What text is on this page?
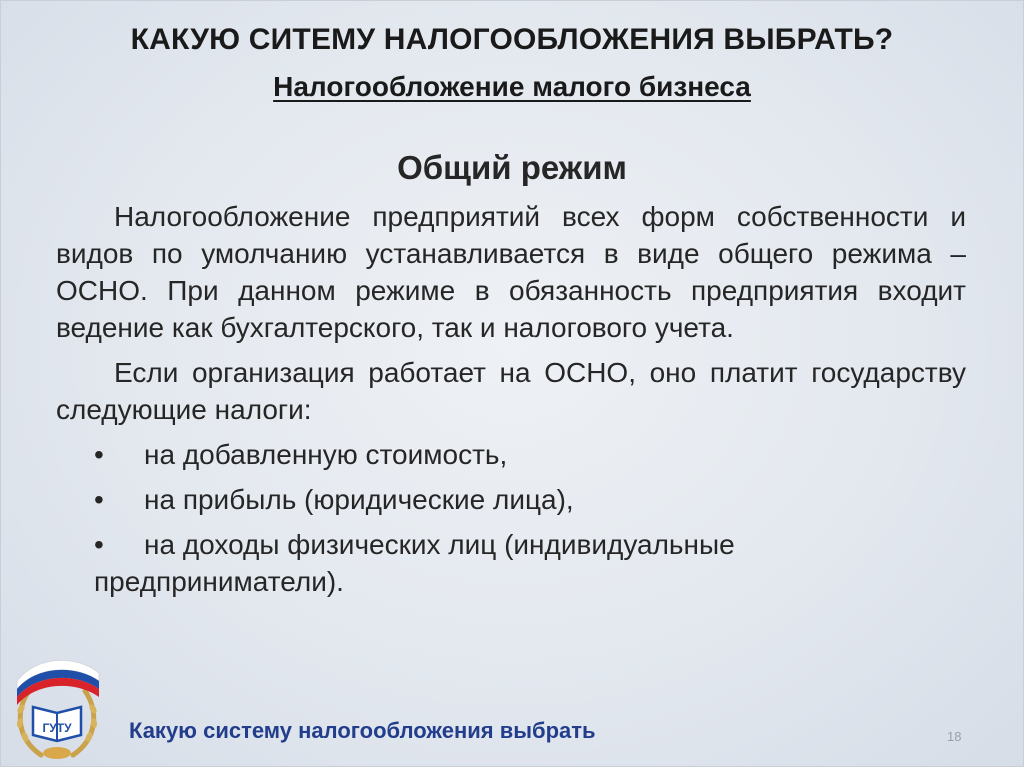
КАКУЮ СИТЕМУ НАЛОГООБЛОЖЕНИЯ ВЫБРАТЬ?
Налогообложение малого бизнеса
Общий режим

Налогообложение предприятий всех форм собственности и видов по умолчанию устанавливается в виде общего режима – ОСНО. При данном режиме в обязанность предприятия входит ведение как бухгалтерского, так и налогового учета.

Если организация работает на ОСНО, оно платит государству следующие налоги:

• на добавленную стоимость,
• на прибыль (юридические лица),
• на доходы физических лиц (индивидуальные предприниматели).
ГУТУ	Какую систему налогообложения выбрать	18
